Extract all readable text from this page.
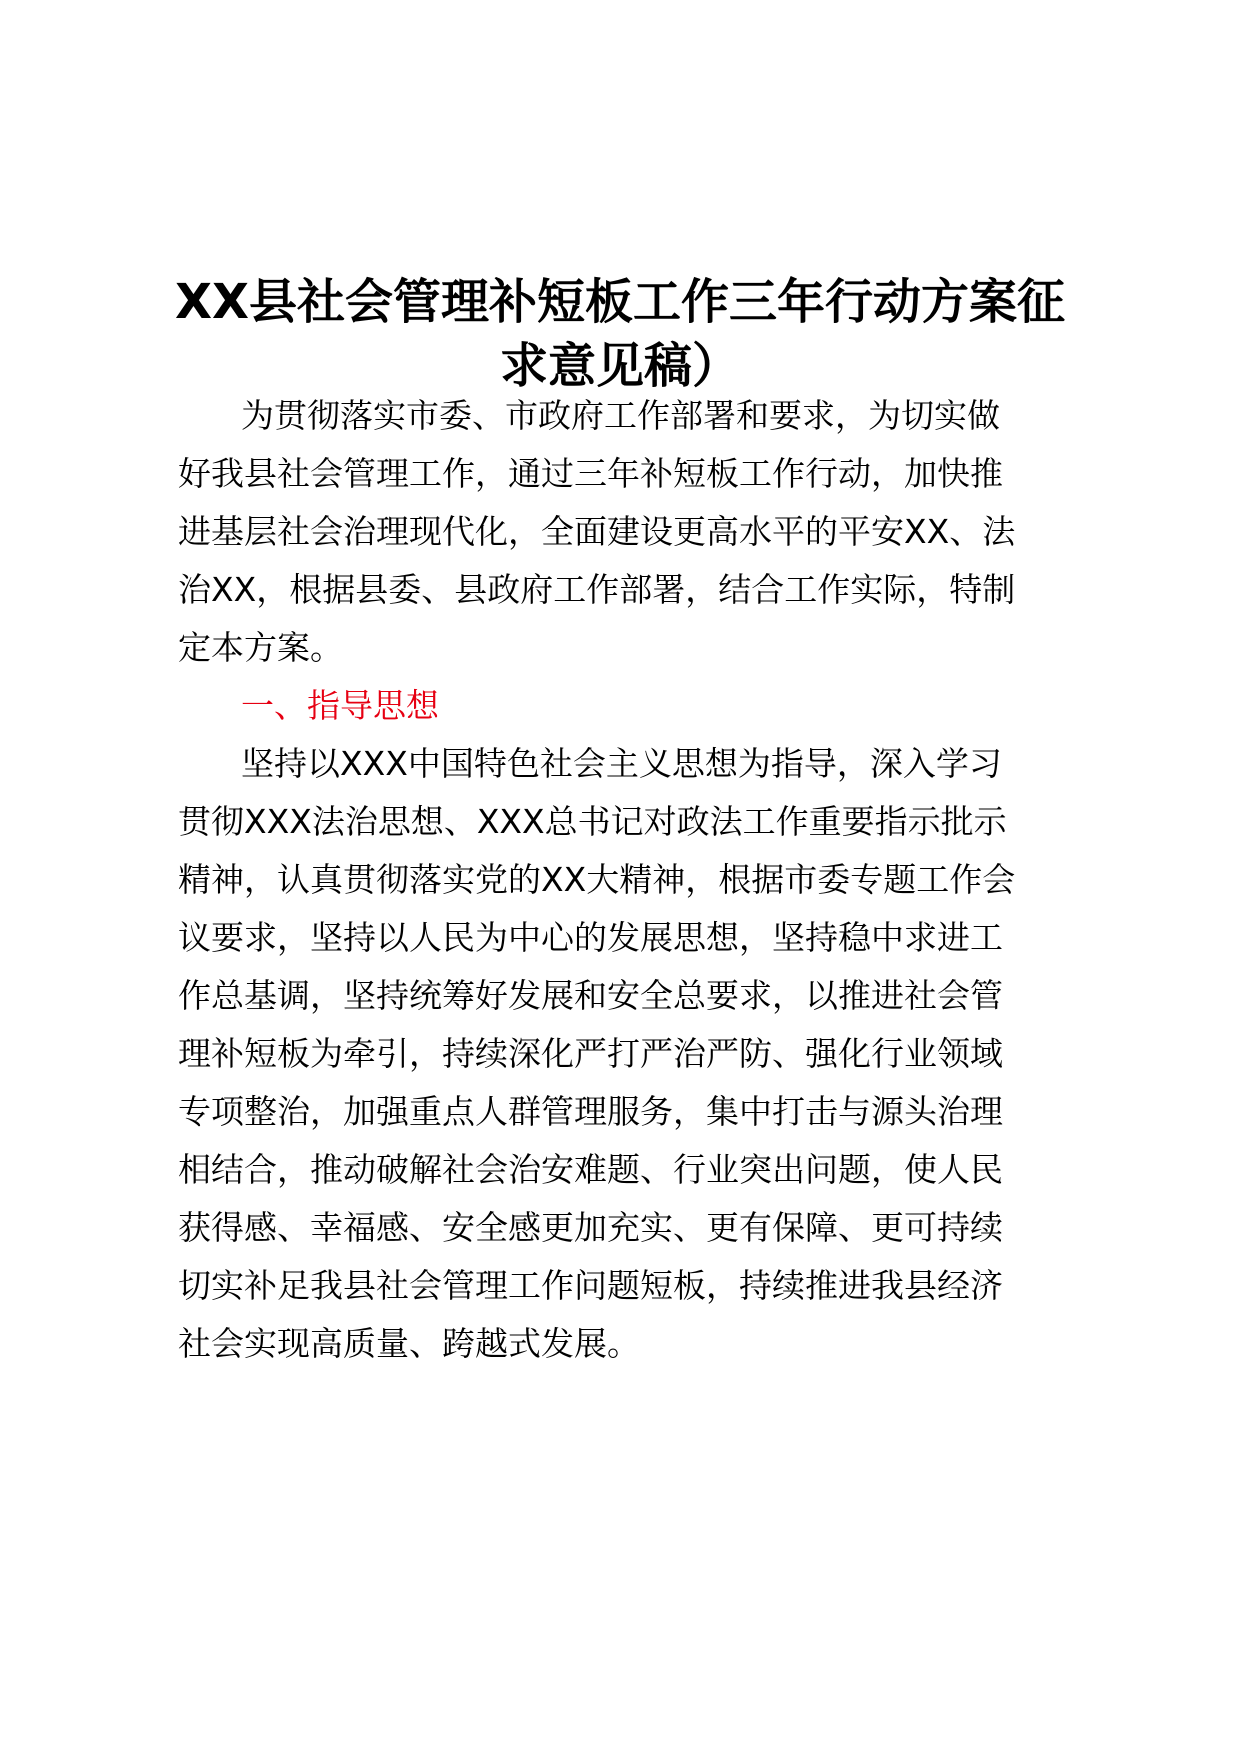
XX县社会管理补短板工作三年行动方案征
求意见稿）

为贯彻落实市委、市政府工作部署和要求，为切实做

好我县社会管理工作，通过三年补短板工作行动，加快推

进基层社会治理现代化，全面建设更高水平的平安XX、法

治XX，根据县委、县政府工作部署，结合工作实际，特制

定本方案。

一、指导思想

坚持以XXX中国特色社会主义思想为指导，深入学习

贯彻XXX法治思想、XXX总书记对政法工作重要指示批示

精神，认真贯彻落实党的XX大精神，根据市委专题工作会

议要求，坚持以人民为中心的发展思想，坚持稳中求进工

作总基调，坚持统筹好发展和安全总要求，以推进社会管

理补短板为牵引，持续深化严打严治严防、强化行业领域

专项整治，加强重点人群管理服务，集中打击与源头治理

相结合，推动破解社会治安难题、行业突出问题，使人民

获得感、幸福感、安全感更加充实、更有保障、更可持续

切实补足我县社会管理工作问题短板，持续推进我县经济

社会实现高质量、跨越式发展。
